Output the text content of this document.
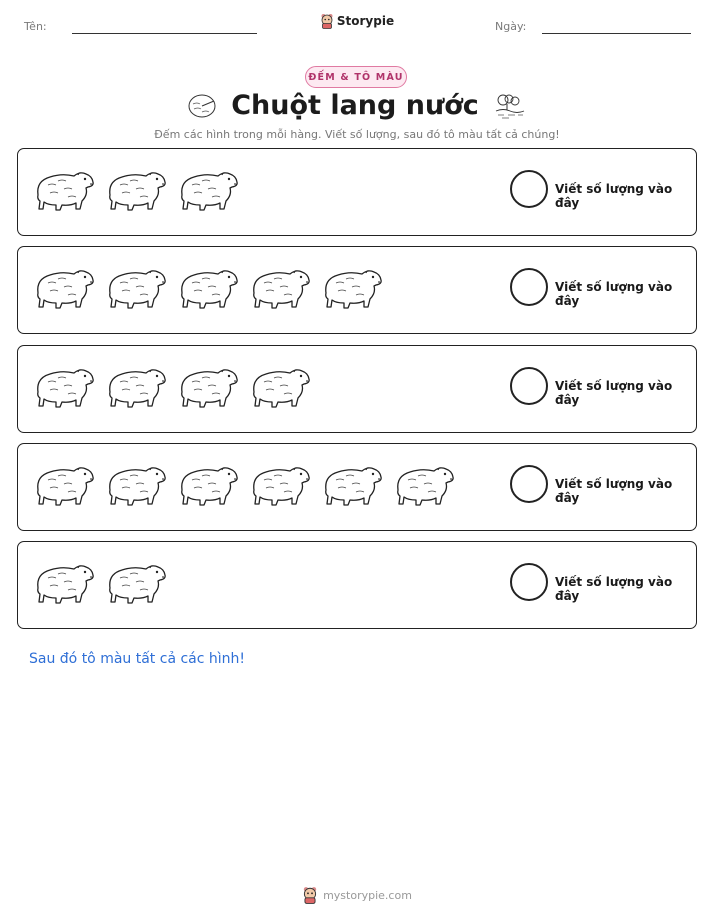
Tên:	Storypie	Ngày:
ĐẾM & TÔ MÀU
Chuột lang nước
Đếm các hình trong mỗi hàng. Viết số lượng, sau đó tô màu tất cả chúng!
Viết số lượng vào đây
Viết số lượng vào đây
Viết số lượng vào đây
Viết số lượng vào đây
Viết số lượng vào đây
Sau đó tô màu tất cả các hình!
mystorypie.com
